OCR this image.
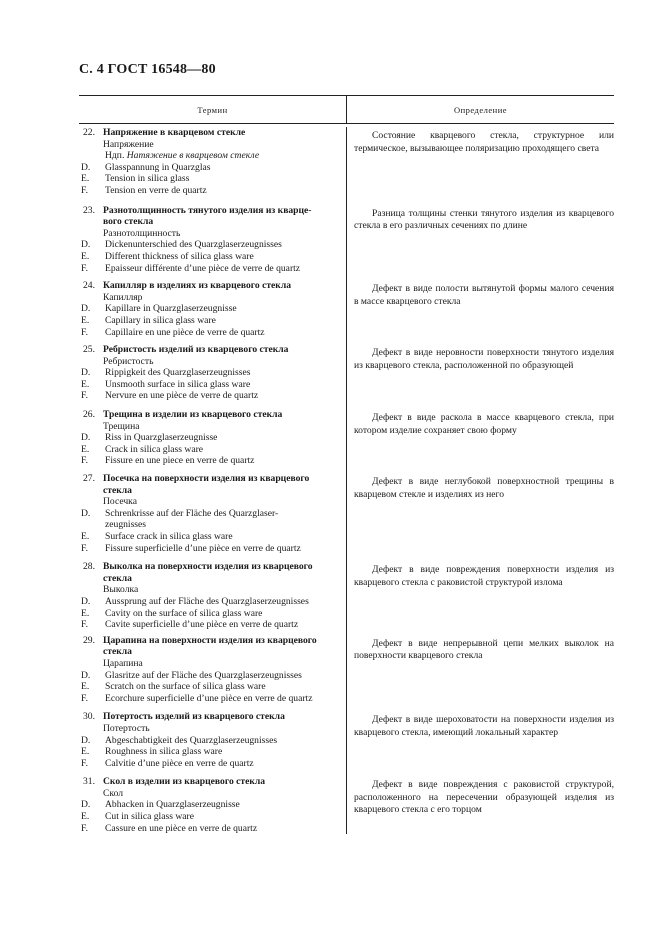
С. 4 ГОСТ 16548—80
Термин	Определение
22. Напряжение в кварцевом стекле
Напряжение
Ндп. Натяжение в кварцевом стекле
D.	Glasspannung in Quarzglas
E.	Tension in silica glass
F.	Tension en verre de quartz
Состояние кварцевого стекла, структурное или термическое, вызывающее поляризацию проходящего света
23. Разнотолщинность тянутого изделия из кварце-
вого стекла
Разнотолщинность
D.	Dickenunterschied des Quarzglaserzeugnisses
E.	Different thickness of silica glass ware
F.	Epaisseur différente d’une pièce de verre de quartz
Разница толщины стенки тянутого изделия из кварцевого стекла в его различных сечениях по длине
24. Капилляр в изделиях из кварцевого стекла
Капилляр
D.	Kapillare in Quarzglaserzeugnisse
E.	Capillary in silica glass ware
F.	Capillaire en une pièce de verre de quartz
Дефект в виде полости вытянутой формы малого сечения в массе кварцевого стекла
25. Ребристость изделий из кварцевого стекла
Ребристость
D.	Rippigkeit des Quarzglaserzeugnisses
E.	Unsmooth surface in silica glass ware
F.	Nervure en une pièce de verre de quartz
Дефект в виде неровности поверхности тянутого изделия из кварцевого стекла, расположенной по образующей
26. Трещина в изделии из кварцевого стекла
Трещина
D.	Riss in Quarzglaserzeugnisse
E.	Crack in silica glass ware
F.	Fissure en une piece en verre de quartz
Дефект в виде раскола в массе кварцевого стекла, при котором изделие сохраняет свою форму
27. Посечка на поверхности изделия из кварцевого
стекла
Посечка
D.	Schrenkrisse auf der Fläche des Quarzglaser-
zeugnisses
E.	Surface crack in silica glass ware
F.	Fissure superficielle d’une pièce en verre de quartz
Дефект в виде неглубокой поверхностной трещины в кварцевом стекле и изделиях из него
28. Выколка на поверхности изделия из кварцевого
стекла
Выколка
D.	Aussprung auf der Fläche des Quarzglaserzeugnisses
E.	Cavity on the surface of silica glass ware
F.	Cavite superficielle d’une pièce en verre de quartz
Дефект в виде повреждения поверхности изделия из кварцевого стекла с раковистой структурой излома
29. Царапина на поверхности изделия из кварцевого
стекла
Царапина
D.	Glasritze auf der Fläche des Quarzglaserzeugnisses
E.	Scratch on the surface of silica glass ware
F.	Ecorchure superficielle d’une pièce en verre de quartz
Дефект в виде непрерывной цепи мелких выколок на поверхности кварцевого стекла
30. Потертость изделий из кварцевого стекла
Потертость
D.	Abgeschabtigkeit des Quarzglaserzeugnisses
E.	Roughness in silica glass ware
F.	Calvitie d’une pièce en verre de quartz
Дефект в виде шероховатости на поверхности изделия из кварцевого стекла, имеющий локальный характер
31. Скол в изделии из кварцевого стекла
Скол
D.	Abhacken in Quarzglaserzeugnisse
E.	Cut in silica glass ware
F.	Cassure en une pièce en verre de quartz
Дефект в виде повреждения с раковистой структурой, расположенного на пересечении образующей изделия из кварцевого стекла с его торцом
